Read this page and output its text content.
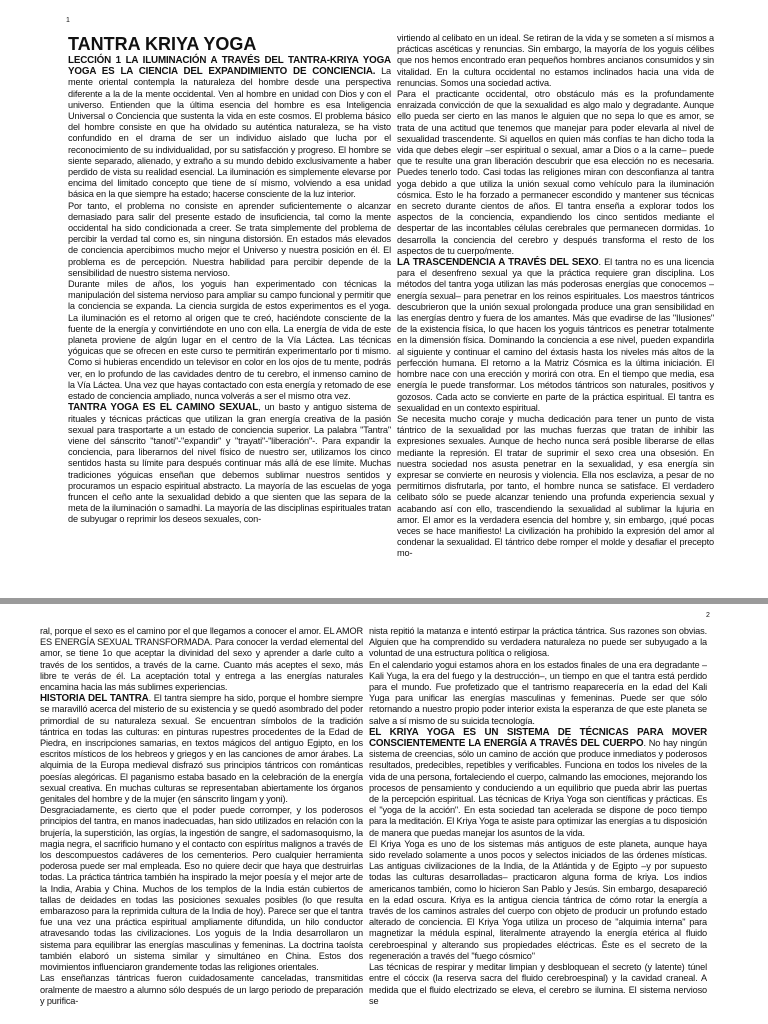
1
TANTRA KRIYA YOGA

LECCIÓN 1 LA ILUMINACIÓN A TRAVÉS DEL TANTRA-KRIYA YOGA YOGA ES LA CIENCIA DEL EXPANDIMIENTO DE CONCIENCIA. La mente oriental contempla la naturaleza del hombre desde una perspectiva diferente a la de la mente occidental. Ven al hombre en unidad con Dios y con el universo. Entienden que la última esencia del hombre es esa Inteligencia Universal o Conciencia que sustenta la vida en este cosmos. El problema básico del hombre consiste en que ha olvidado su auténtica naturaleza, se ha visto confundido en el drama de ser un individuo aislado que lucha por el reconocimiento de su individualidad, por su satisfacción y progreso. El hombre se siente separado, alienado, y extraño a su mundo debido exclusivamente a haber perdido de vista su realidad esencial. La iluminación es simplemente elevarse por encima del limitado concepto que tiene de sí mismo, volviendo a esa unidad básica en la que siempre ha estado; hacerse consciente de la luz interior.

Por tanto, el problema no consiste en aprender suficientemente o alcanzar demasiado para salir del presente estado de insuficiencia, tal como la mente occidental ha sido condicionada a creer. Se trata simplemente del problema de percibir la verdad tal como es, sin ninguna distorsión. En estados más elevados de conciencia apercibimos mucho mejor el Universo y nuestra posición en él. El problema es de percepción. Nuestra habilidad para percibir depende de la sensibilidad de nuestro sistema nervioso.

Durante miles de años, los yoguis han experimentado con técnicas la manipulación del sistema nervioso para ampliar su campo funcional y permitir que la conciencia se expanda. La ciencia surgida de estos experimentos es el yoga. La iluminación es el retorno al origen que te creó, haciéndote consciente de la fuente de la energía y convirtiéndote en uno con ella. La energía de vida de este planeta proviene de algún lugar en el centro de la Vía Láctea. Las técnicas yóguicas que se ofrecen en este curso te permitirán experimentarlo por ti mismo. Como si hubieras encendido un televisor en color en los ojos de tu mente, podrás ver, en lo profundo de las cavidades dentro de tu cerebro, el inmenso camino de la Vía Láctea. Una vez que hayas contactado con esta energía y retomado de ese estado de conciencia ampliado, nunca volverás a ser el mismo otra vez.

TANTRA YOGA ES EL CAMINO SEXUAL, un basto y antiguo sistema de rituales y técnicas prácticas que utilizan la gran energía creativa de la pasión sexual para trasportarte a un estado de conciencia superior. La palabra "Tantra" viene del sánscrito "tanoti"-"expandir" y "trayati"-"liberación"-. Para expandir la conciencia, para liberarnos del nivel físico de nuestro ser, utilizamos los cinco sentidos hasta su límite para después continuar más allá de ese límite. Muchas tradiciones yóguicas enseñan que debemos sublimar nuestros sentidos y procuramos un espacio espiritual abstracto. La mayoría de las escuelas de yoga fruncen el ceño ante la sexualidad debido a que sienten que las separa de la meta de la iluminación o samadhi. La mayoría de las disciplinas espirituales tratan de subyugar o reprimir los deseos sexuales, con-

virtiendo al celibato en un ideal. Se retiran de la vida y se someten a sí mismos a prácticas ascéticas y renuncias. Sin embargo, la mayoría de los yoguis célibes que nos hemos encontrado eran pequeños hombres ancianos consumidos y sin vitalidad. En la cultura occidental no estamos inclinados hacia una vida de renuncias. Somos una sociedad activa.

Para el practicante occidental, otro obstáculo más es la profundamente enraizada convicción de que la sexualidad es algo malo y degradante. Aunque ello pueda ser cierto en las manos le alguien que no sepa lo que es amor, se trata de una actitud que tenemos que manejar para poder elevarla al nivel de sexualidad trascendente. Si aquellos en quien más confías te han dicho toda la vida que debes elegir –ser espiritual o sexual, amar a Dios o a la carne– puede que te resulte una gran liberación descubrir que esa elección no es necesaria. Puedes tenerlo todo. Casi todas las religiones miran con desconfianza al tantra yoga debido a que utiliza la unión sexual como vehículo para la iluminación cósmica. Esto le ha forzado a permanecer escondido y mantener sus técnicas en secreto durante cientos de años. El tantra enseña a explorar todos los aspectos de la conciencia, expandiendo los cinco sentidos mediante el despertar de las incontables células cerebrales que permanecen dormidas. 1o desarrolla la conciencia del cerebro y después transforma el resto de los aspectos de tu cuerpo/mente.

LA TRASCENDENCIA A TRAVÉS DEL SEXO. El tantra no es una licencia para el desenfreno sexual ya que la práctica requiere gran disciplina. Los métodos del tantra yoga utilizan las más poderosas energías que conocemos –energía sexual– para penetrar en los reinos espirituales. Los maestros tántricos descubrieron que la unión sexual prolongada produce una gran sensibilidad en las energías dentro y fuera de los amantes. Más que evadirse de las "Ilusiones" de la existencia física, lo que hacen los yoguis tántricos es penetrar totalmente en la dimensión física. Dominando la conciencia a ese nivel, pueden expandirla al siguiente y continuar el camino del éxtasis hasta los niveles más altos de la perfección humana. El retorno a la Matriz Cósmica es la última iniciación. El hombre nace con una erección y morirá con otra. En el tiempo que media, esa energía le puede transformar. Los métodos tántricos son naturales, positivos y gozosos. Cada acto se convierte en parte de la práctica espiritual. El tantra es sexualidad en un contexto espiritual.

Se necesita mucho coraje y mucha dedicación para tener un punto de vista tántrico de la sexualidad por las muchas fuerzas que tratan de inhibir las expresiones sexuales. Aunque de hecho nunca será posible liberarse de ellas mediante la represión. El tratar de suprimir el sexo crea una obsesión. En nuestra sociedad nos asusta penetrar en la sexualidad, y esa energía sin expresar se convierte en neurosis y violencia. Ella nos esclaviza, a pesar de no permitirnos disfrutarla, por tanto, el hombre nunca se satisface. El verdadero celibato sólo se puede alcanzar teniendo una profunda experiencia sexual y acabando así con ello, trascendiendo la sexualidad al sublimar la lujuria en amor. El amor es la verdadera esencia del hombre y, sin embargo, ¡qué pocas veces se hace manifiesto! La civilización ha prohibido la expresión del amor al condenar la sexualidad. El tántrico debe romper el molde y desafiar el precepto mo-

2

ral, porque el sexo es el camino por el que llegamos a conocer el amor. EL AMOR ES ENERGÍA SEXUAL TRANSFORMADA. Para conocer la verdad elemental del amor, se tiene 1o que aceptar la divinidad del sexo y aprender a darle culto a través de los sentidos, a través de la carne. Cuanto más aceptes el sexo, más libre te verás de él. La aceptación total y entrega a las energías naturales encamina hacia las más sublimes experiencias.

HISTORIA DEL TANTRA. El tantra siempre ha sido, porque el hombre siempre se maravilló acerca del misterio de su existencia y se quedó asombrado del poder primordial de su naturaleza sexual. Se encuentran símbolos de la tradición tántrica en todas las culturas: en pinturas rupestres procedentes de la Edad de Piedra, en inscripciones samarias, en textos mágicos del antiguo Egipto, en los escritos místicos de los hebreos y griegos y en las canciones de amor árabes. La alquimia de la Europa medieval disfrazó sus principios tántricos con románticas poesías alegóricas. El paganismo estaba basado en la celebración de la energía sexual creativa. En muchas culturas se representaban abiertamente los órganos genitales del hombre y de la mujer (en sánscrito lingam y yoni).

Desgraciadamente, es cierto que el poder puede corromper, y los poderosos principios del tantra, en manos inadecuadas, han sido utilizados en relación con la brujería, la superstición, las orgías, la ingestión de sangre, el sadomasoquismo, la magia negra, el sacrificio humano y el contacto con espíritus malignos a través de los descompuestos cadáveres de los cementerios. Pero cualquier herramienta poderosa puede ser mal empleada. Eso no quiere decir que haya que destruirlas todas. La práctica tántrica también ha inspirado la mejor poesía y el mejor arte de la India, Arabia y China. Muchos de los templos de la India están cubiertos de tallas de deidades en todas las posiciones sexuales posibles (lo que resulta embarazoso para la reprimida cultura de la India de hoy). Parece ser que el tantra fue una vez una práctica espiritual ampliamente difundida, un hilo conductor atravesando todas las civilizaciones. Los yoguis de la India desarrollaron un sistema para equilibrar las energías masculinas y femeninas. La doctrina taoísta también elaboró un sistema similar y simultáneo en China. Estos dos movimientos influenciaron grandemente todas las religiones orientales.

Las enseñanzas tántricas fueron cuidadosamente canceladas, transmitidas oralmente de maestro a alumno sólo después de un largo periodo de preparación y purifica-

nista repitió la matanza e intentó estirpar la práctica tántrica. Sus razones son obvias. Alguien que ha comprendido su verdadera naturaleza no puede ser subyugado a la voluntad de una estructura política o religiosa.

En el calendario yogui estamos ahora en los estados finales de una era degradante – Kali Yuga, la era del fuego y la destrucción–, un tiempo en que el tantra está perdido para el mundo. Fue profetizado que el tantrismo reaparecería en la edad del Kali Yuga para unificar las energías masculinas y femeninas. Puede ser que sólo retornando a nuestro propio poder interior exista la esperanza de que este planeta se salve a sí mismo de su suicida tecnología.

EL KRIYA YOGA ES UN SISTEMA DE TÉCNICAS PARA MOVER CONSCIENTEMENTE LA ENERGÍA A TRAVÉS DEL CUERPO. No hay ningún sistema de creencias, sólo un camino de acción que produce inmediatos y poderosos resultados, predecibles, repetibles y verificables. Funciona en todos los niveles de la vida de una persona, fortaleciendo el cuerpo, calmando las emociones, mejorando los procesos de pensamiento y conduciendo a un equilibrio que pueda abrir las puertas de la percepción espiritual. Las técnicas de Kriya Yoga son científicas y prácticas. Es el "yoga de la acción". En esta sociedad tan acelerada se dispone de poco tiempo para la meditación. El Kriya Yoga te asiste para optimizar las energías a tu disposición de manera que puedas manejar los asuntos de la vida.

El Kriya Yoga es uno de los sistemas más antiguos de este planeta, aunque haya sido revelado solamente a unos pocos y selectos iniciados de las órdenes místicas. Las antiguas civilizaciones de la India, de la Atlántida y de Egipto –y por supuesto todas las culturas desarrolladas– practicaron alguna forma de kriya. Los indios americanos también, como lo hicieron San Pablo y Jesús. Sin embargo, desapareció en la edad oscura. Kriya es la antigua ciencia tántrica de cómo rotar la energía a través de los caminos astrales del cuerpo con objeto de producir un profundo estado alterado de conciencia. El Kriya Yoga utiliza un proceso de "alquimia interna" para magnetizar la médula espinal, literalmente atrayendo la energía etérica al fluido cerebroespinal y alterando sus propiedades eléctricas. Éste es el secreto de la regeneración a través del "fuego cósmico"

Las técnicas de respirar y meditar limpian y desbloquean el secreto (y latente) túnel entre el cóccix (la reserva sacra del fluido cerebroespinal) y la cavidad craneal. A medida que el fluido electrizado se eleva, el cerebro se ilumina. El sistema nervioso se
